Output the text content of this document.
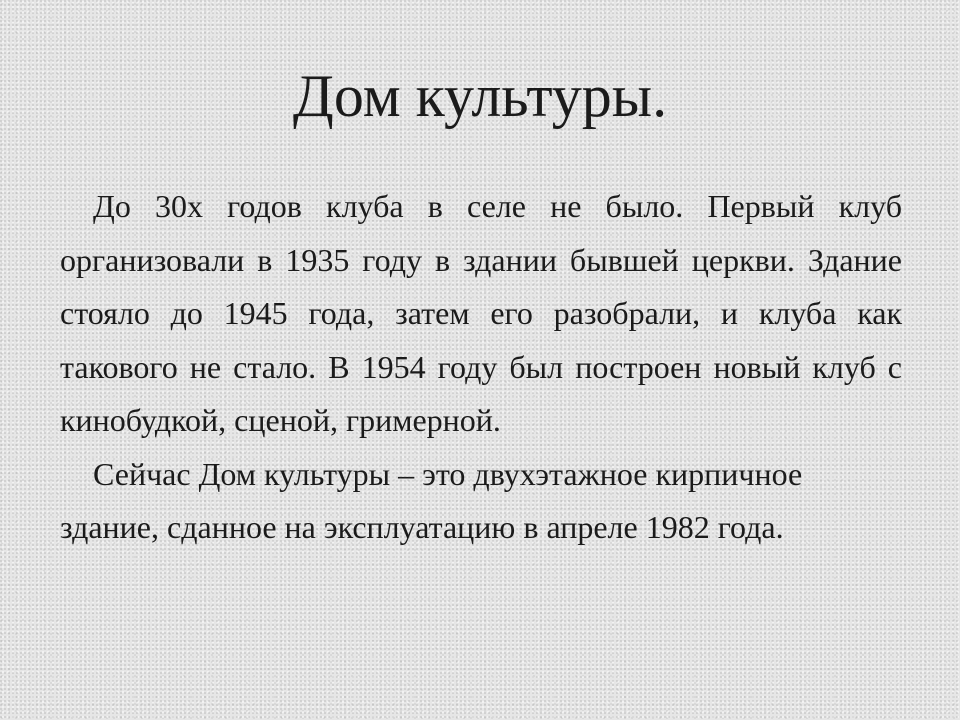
Дом культуры.

До 30х годов клуба в селе не было. Первый клуб организовали в 1935 году в здании бывшей церкви. Здание стояло до 1945 года, затем его разобрали, и клуба как такового не стало. В 1954 году был построен новый клуб с кинобудкой, сценой, гримерной.

Сейчас Дом культуры – это двухэтажное кирпичное здание, сданное на эксплуатацию в апреле 1982 года.
